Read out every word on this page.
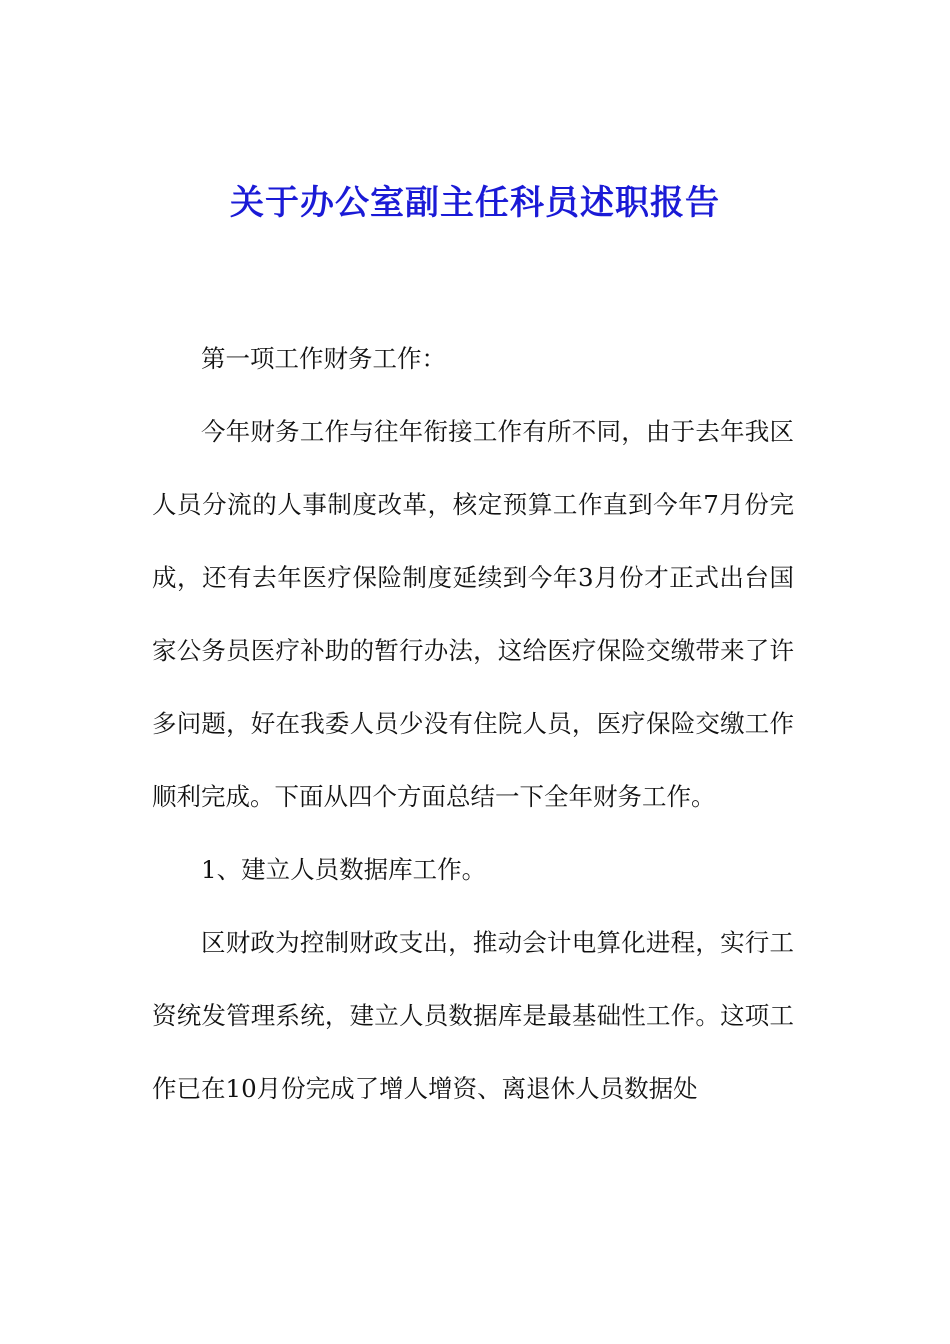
关于办公室副主任科员述职报告

第一项工作财务工作：

今年财务工作与往年衔接工作有所不同，由于去年我区人员分流的人事制度改革，核定预算工作直到今年7月份完成，还有去年医疗保险制度延续到今年3月份才正式出台国家公务员医疗补助的暂行办法，这给医疗保险交缴带来了许多问题，好在我委人员少没有住院人员，医疗保险交缴工作顺利完成。下面从四个方面总结一下全年财务工作。

1、建立人员数据库工作。

区财政为控制财政支出，推动会计电算化进程，实行工资统发管理系统，建立人员数据库是最基础性工作。这项工作已在10月份完成了增人增资、离退休人员数据处
